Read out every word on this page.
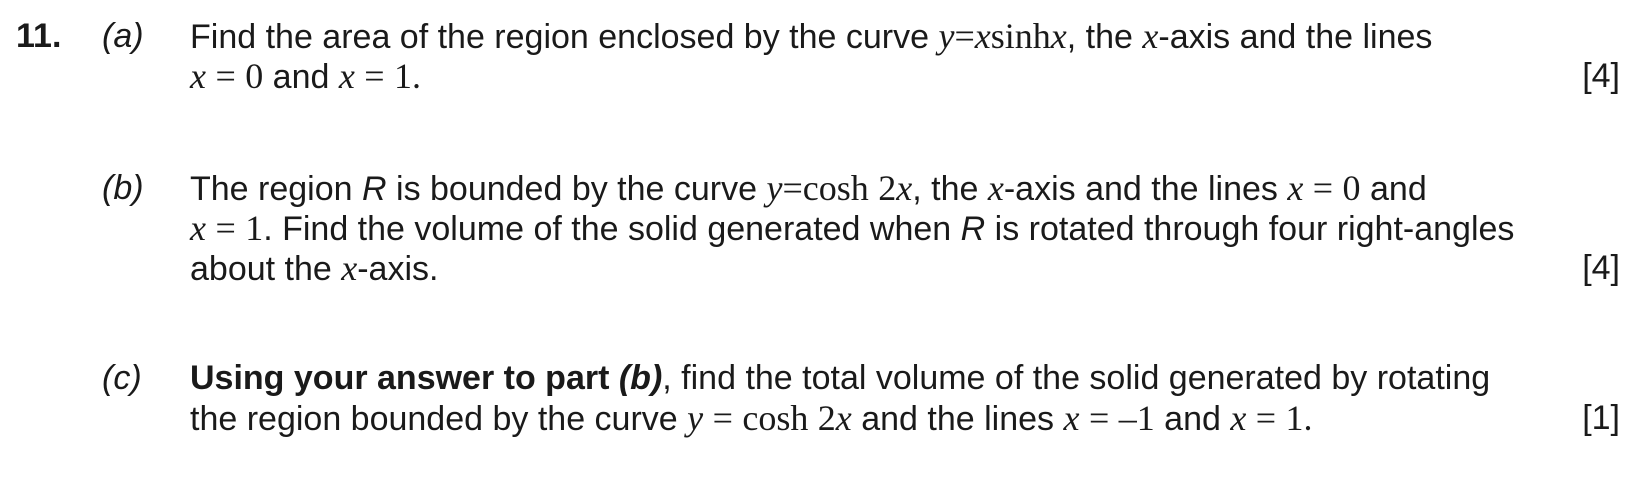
11. (a) Find the area of the region enclosed by the curve y=xsinhx, the x-axis and the lines
x = 0 and x = 1.	[4]
(b) The region R is bounded by the curve y=cosh 2x, the x-axis and the lines x = 0 and
x = 1. Find the volume of the solid generated when R is rotated through four right-angles
about the x-axis.	[4]
(c) Using your answer to part (b), find the total volume of the solid generated by rotating
the region bounded by the curve y = cosh 2x and the lines x = –1 and x = 1.	[1]
